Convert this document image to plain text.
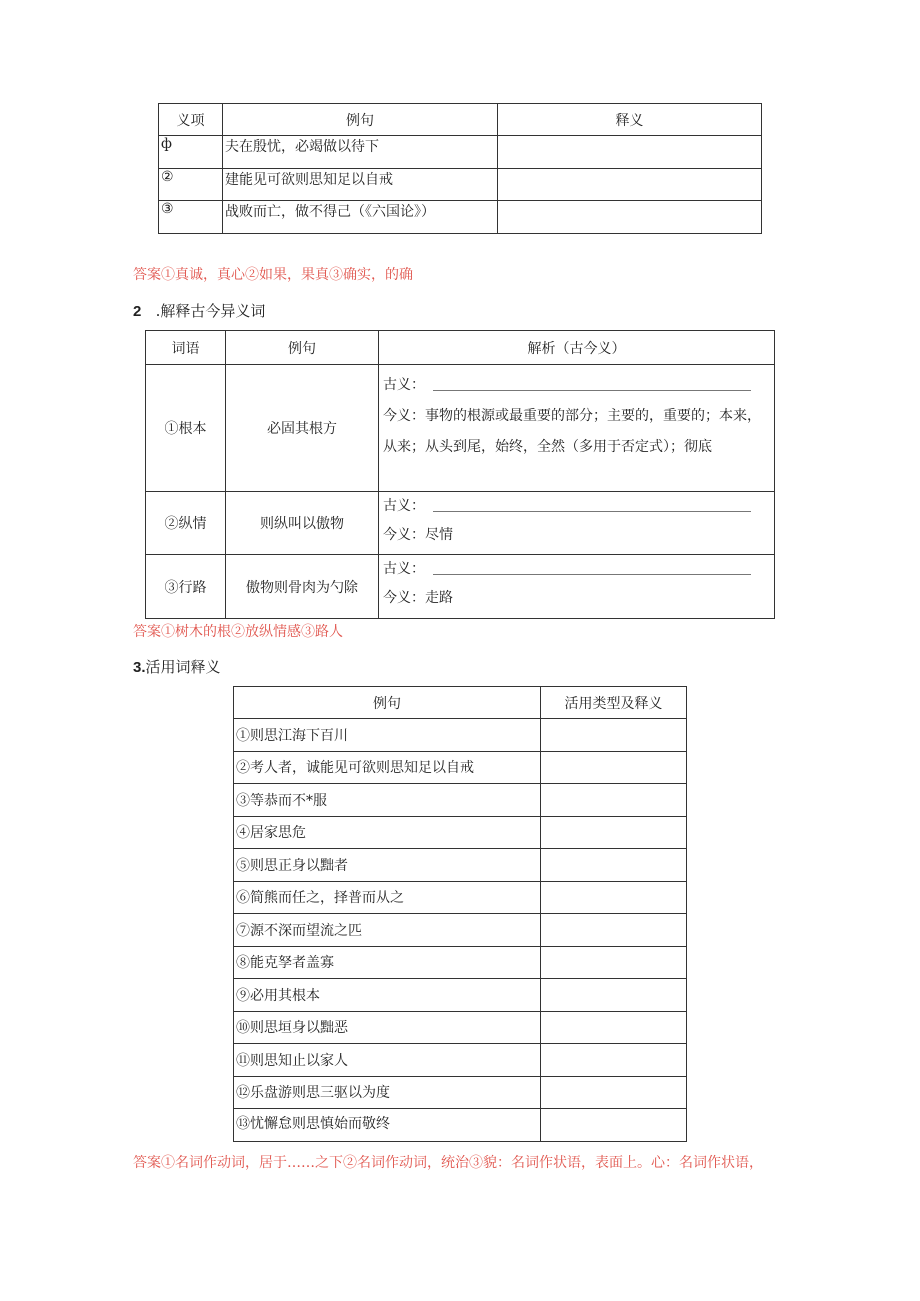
义项	例句	释义
ф	夫在殷忧，必竭做以待下	
②	建能见可欲则思知足以自戒	
③	战败而亡，做不得己（《六国论》）	
答案①真诚，真心②如果，果真③确实，的确
2 .解释古今异义词
词语	例句	解析（古今义）
①根本	必固其根方	古义：
今义：事物的根源或最重要的部分；主要的，重要的；本来，从来；从头到尾，始终，全然（多用于否定式）；彻底

②纵情	则纵叫以傲物	古义：
今义：尽情

③行路	傲物则骨肉为勺除	古义：
今义：走路
答案①树木的根②放纵情感③路人
3.活用词释义
例句	活用类型及释义
①则思江海下百川	
②考人者，诚能见可欲则思知足以自戒	
③等恭而不*服	
④居家思危	
⑤则思正身以黜者	
⑥简熊而任之，择普而从之	
⑦源不深而望流之匹	
⑧能克孥者盖寡	
⑨必用其根本	
⑩则思垣身以黜恶	
⑪则思知止以家人	
⑫乐盘游则思三驱以为度	
⑬忧懈怠则思慎始而敬终	
答案①名词作动词，居于……之下②名词作动词，统治③貌：名词作状语，表面上。心：名词作状语，
